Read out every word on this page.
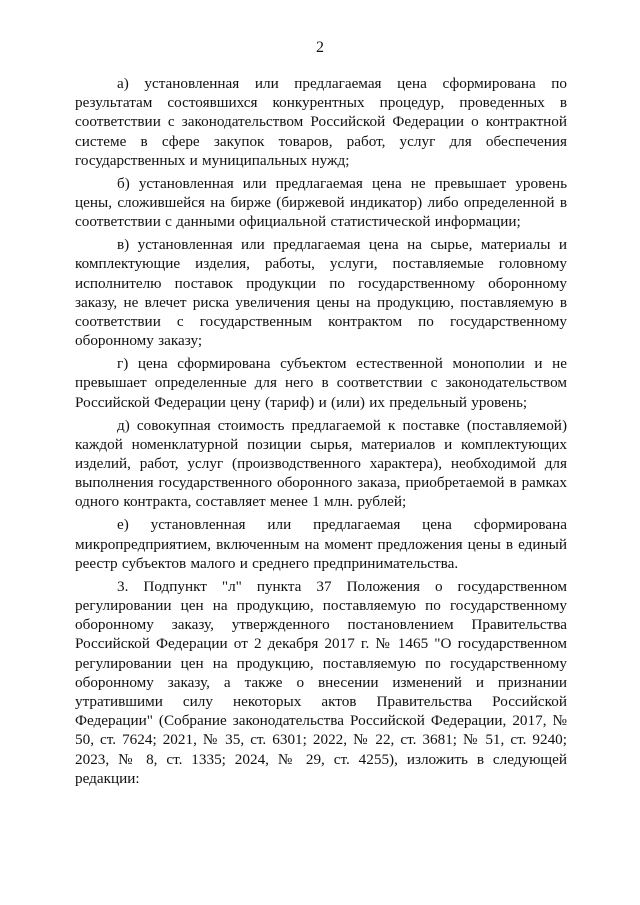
2

а) установленная или предлагаемая цена сформирована по результатам состоявшихся конкурентных процедур, проведенных в соответствии с законодательством Российской Федерации о контрактной системе в сфере закупок товаров, работ, услуг для обеспечения государственных и муниципальных нужд;

б) установленная или предлагаемая цена не превышает уровень цены, сложившейся на бирже (биржевой индикатор) либо определенной в соответствии с данными официальной статистической информации;

в) установленная или предлагаемая цена на сырье, материалы и комплектующие изделия, работы, услуги, поставляемые головному исполнителю поставок продукции по государственному оборонному заказу, не влечет риска увеличения цены на продукцию, поставляемую в соответствии с государственным контрактом по государственному оборонному заказу;

г) цена сформирована субъектом естественной монополии и не превышает определенные для него в соответствии с законодательством Российской Федерации цену (тариф) и (или) их предельный уровень;

д) совокупная стоимость предлагаемой к поставке (поставляемой) каждой номенклатурной позиции сырья, материалов и комплектующих изделий, работ, услуг (производственного характера), необходимой для выполнения государственного оборонного заказа, приобретаемой в рамках одного контракта, составляет менее 1 млн. рублей;

е) установленная или предлагаемая цена сформирована микропредприятием, включенным на момент предложения цены в единый реестр субъектов малого и среднего предпринимательства.

3. Подпункт "л" пункта 37 Положения о государственном регулировании цен на продукцию, поставляемую по государственному оборонному заказу, утвержденного постановлением Правительства Российской Федерации от 2 декабря 2017 г. № 1465 "О государственном регулировании цен на продукцию, поставляемую по государственному оборонному заказу, а также о внесении изменений и признании утратившими силу некоторых актов Правительства Российской Федерации" (Собрание законодательства Российской Федерации, 2017, № 50, ст. 7624; 2021, № 35, ст. 6301; 2022, № 22, ст. 3681; № 51, ст. 9240; 2023, № 8, ст. 1335; 2024, № 29, ст. 4255), изложить в следующей редакции:
